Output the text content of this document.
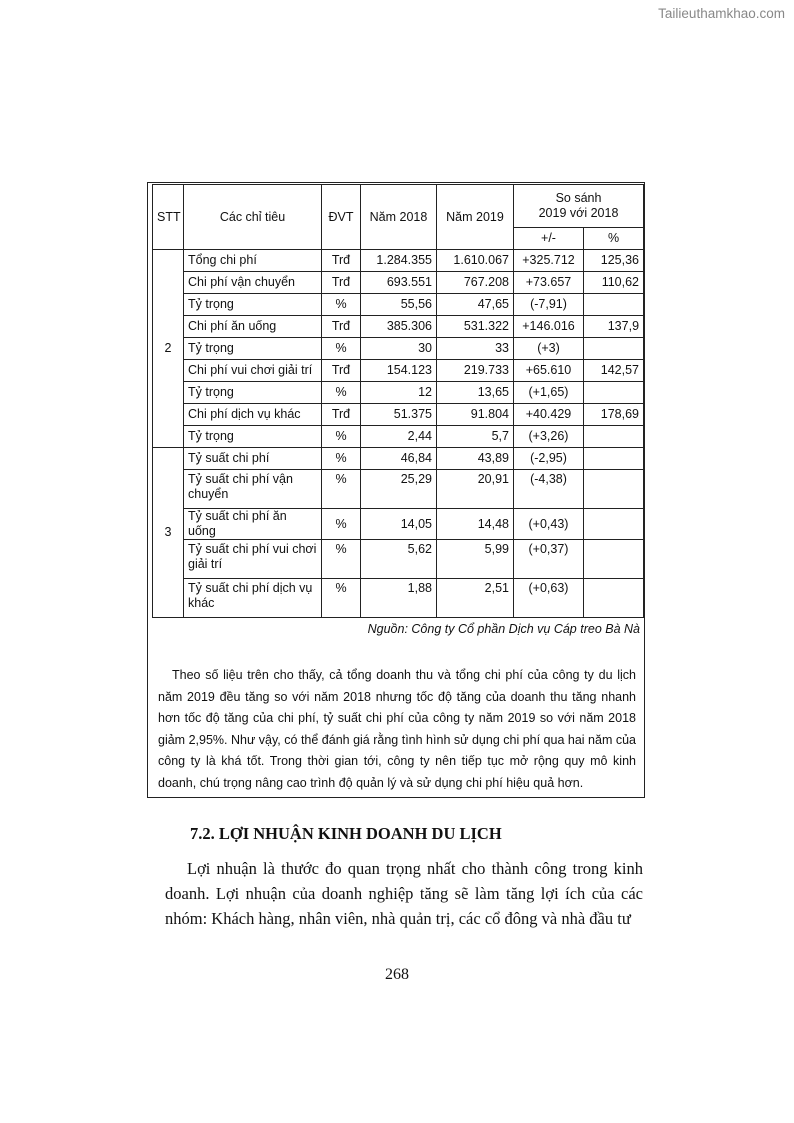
Tailieuthamkhao.com
STT	Các chỉ tiêu	ĐVT	Năm 2018	Năm 2019	So sánh
2019 với 2018	
					+/-	%
2	Tổng chi phí	Trđ	1.284.355	1.610.067	+325.712	125,36
	Chi phí vận chuyển	Trđ	693.551	767.208	+73.657	110,62
	Tỷ trọng	%	55,56	47,65	(-7,91)	
	Chi phí ăn uống	Trđ	385.306	531.322	+146.016	137,9
	Tỷ trọng	%	30	33	(+3)	
	Chi phí vui chơi giải trí	Trđ	154.123	219.733	+65.610	142,57
	Tỷ trọng	%	12	13,65	(+1,65)	
	Chi phí dịch vụ khác	Trđ	51.375	91.804	+40.429	178,69
	Tỷ trọng	%	2,44	5,7	(+3,26)	
3	Tỷ suất chi phí	%	46,84	43,89	(-2,95)	
	Tỷ suất chi phí vận chuyển	%	25,29	20,91	(-4,38)	
	Tỷ suất chi phí ăn uống	%	14,05	14,48	(+0,43)	
	Tỷ suất chi phí vui chơi giải trí	%	5,62	5,99	(+0,37)	
	Tỷ suất chi phí dịch vụ khác	%	1,88	2,51	(+0,63)	
Nguồn: Công ty Cổ phần Dịch vụ Cáp treo Bà Nà
Theo số liệu trên cho thấy, cả tổng doanh thu và tổng chi phí của công ty du lịch năm 2019 đều tăng so với năm 2018 nhưng tốc độ tăng của doanh thu tăng nhanh hơn tốc độ tăng của chi phí, tỷ suất chi phí của công ty năm 2019 so với năm 2018 giảm 2,95%. Như vậy, có thể đánh giá rằng tình hình sử dụng chi phí qua hai năm của công ty là khá tốt. Trong thời gian tới, công ty nên tiếp tục mở rộng quy mô kinh doanh, chú trọng nâng cao trình độ quản lý và sử dụng chi phí hiệu quả hơn.
7.2. LỢI NHUẬN KINH DOANH DU LỊCH
Lợi nhuận là thước đo quan trọng nhất cho thành công trong kinh doanh. Lợi nhuận của doanh nghiệp tăng sẽ làm tăng lợi ích của các nhóm: Khách hàng, nhân viên, nhà quản trị, các cổ đông và nhà đầu tư
268
